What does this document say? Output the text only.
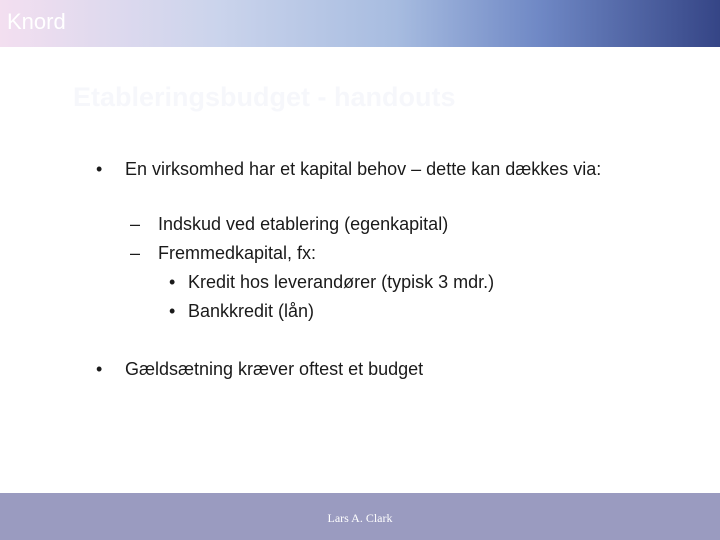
Knord
Etableringsbudget - handouts
• En virksomhed har et kapital behov – dette kan dækkes via:
– Indskud ved etablering (egenkapital)
– Fremmedkapital, fx:
• Kredit hos leverandører (typisk 3 mdr.)
• Bankkredit (lån)
• Gældsætning kræver oftest et budget
Lars A. Clark
